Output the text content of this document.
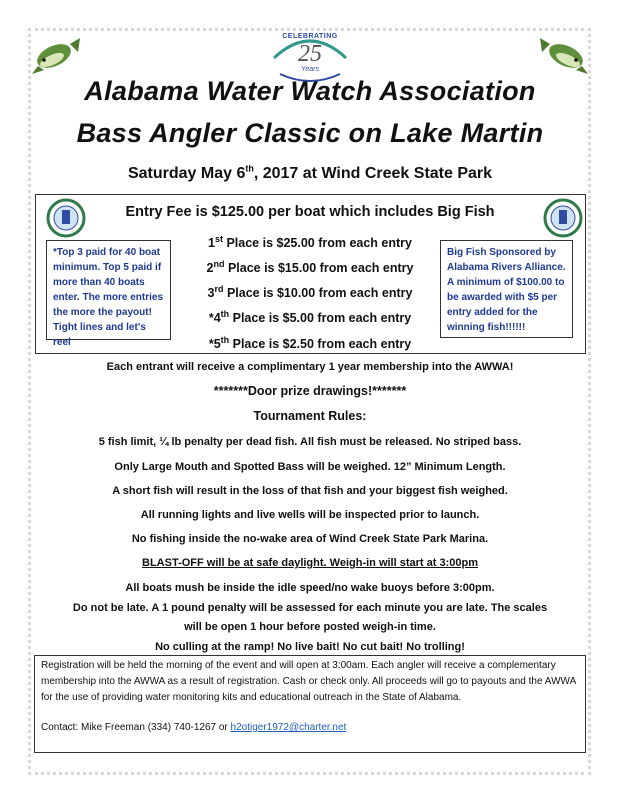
CELEBRATING
25
Years
Alabama Water Watch Association
Bass Angler Classic on Lake Martin
Saturday May 6th, 2017 at Wind Creek State Park
Entry Fee is $125.00 per boat which includes Big Fish
1st Place is $25.00 from each entry
2nd Place is $15.00 from each entry
3rd Place is $10.00 from each entry
*4th Place is $5.00 from each entry
*5th Place is $2.50 from each entry
*Top 3 paid for 40 boat minimum. Top 5 paid if more than 40 boats enter. The more entries the more the payout! Tight lines and let's reel
Big Fish Sponsored by Alabama Rivers Alliance. A minimum of $100.00 to be awarded with $5 per entry added for the winning fish!!!!!!
Each entrant will receive a complimentary 1 year membership into the AWWA!
*******Door prize drawings!*******
Tournament Rules:
5 fish limit, ¼ lb penalty per dead fish. All fish must be released. No striped bass.
Only Large Mouth and Spotted Bass will be weighed. 12” Minimum Length.
A short fish will result in the loss of that fish and your biggest fish weighed.
All running lights and live wells will be inspected prior to launch.
No fishing inside the no-wake area of Wind Creek State Park Marina.
BLAST-OFF will be at safe daylight. Weigh-in will start at 3:00pm
All boats mush be inside the idle speed/no wake buoys before 3:00pm.
Do not be late. A 1 pound penalty will be assessed for each minute you are late. The scales
will be open 1 hour before posted weigh-in time.
No culling at the ramp! No live bait! No cut bait! No trolling!
Registration will be held the morning of the event and will open at 3:00am. Each angler will receive a complementary membership into the AWWA as a result of registration. Cash or check only. All proceeds will go to payouts and the AWWA for the use of providing water monitoring kits and educational outreach in the State of Alabama.
Contact: Mike Freeman (334) 740-1267 or h2otiger1972@charter.net
